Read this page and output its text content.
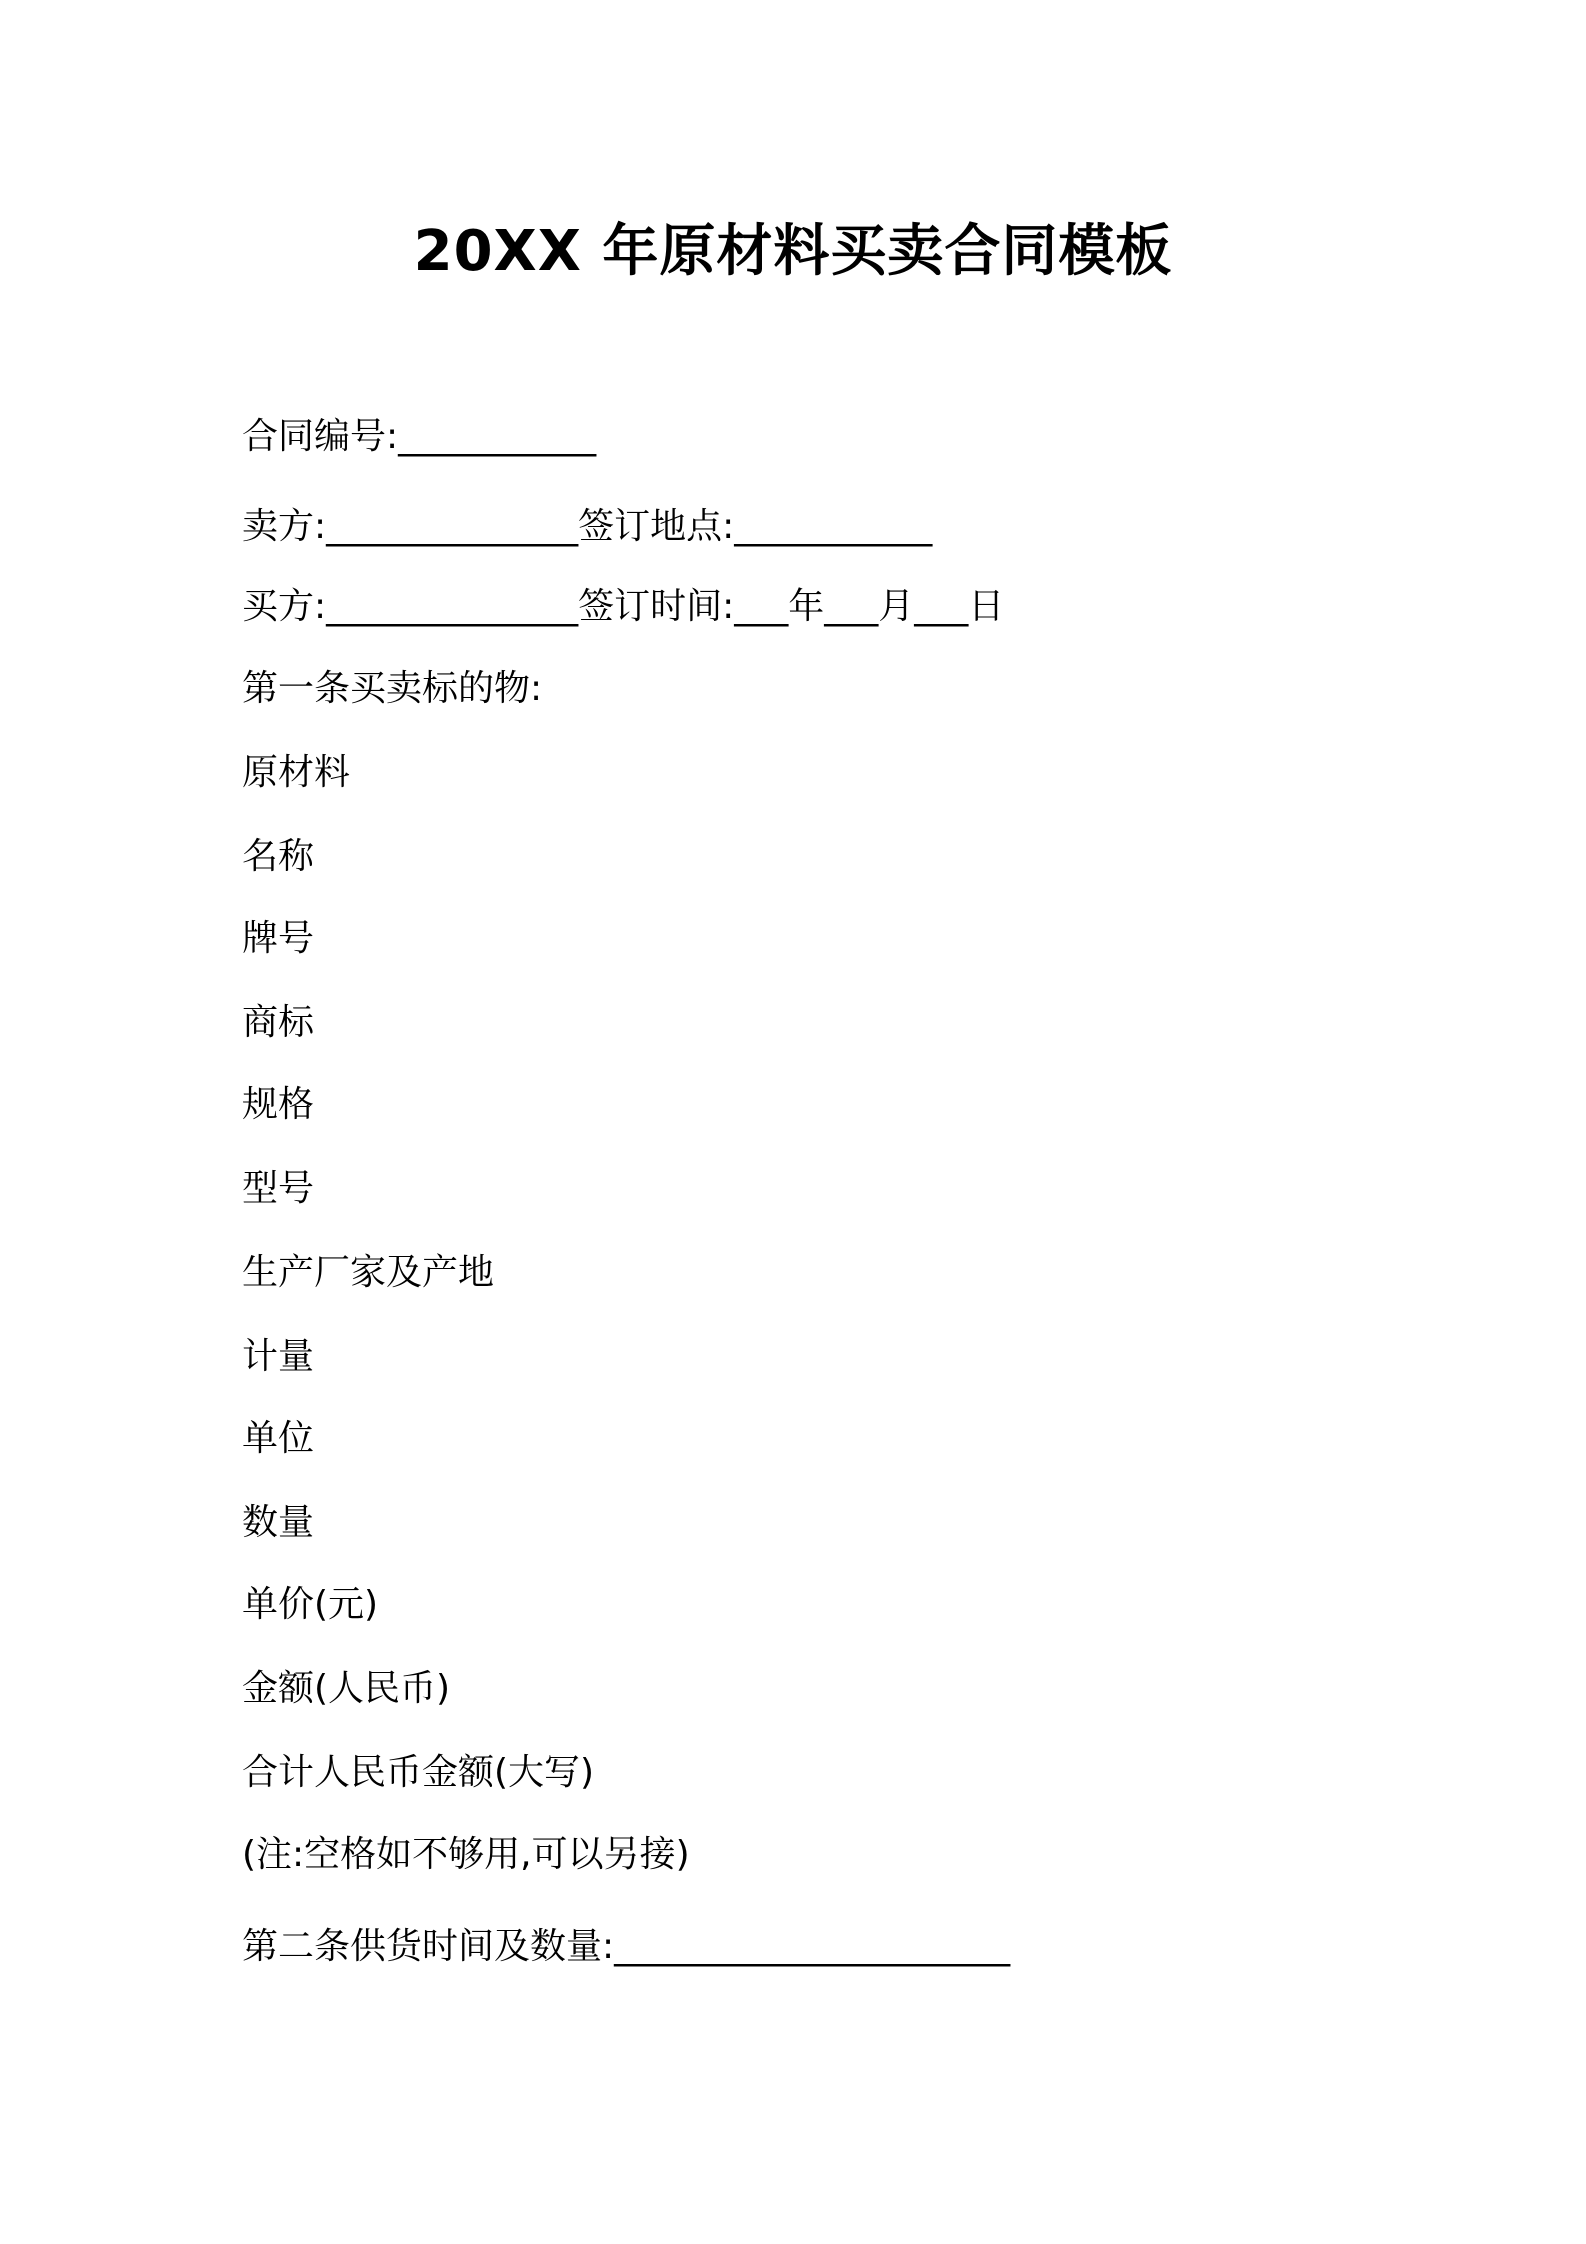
20XX 年原材料买卖合同模板
合同编号:___________
卖方:______________签订地点:___________
买方:______________签订时间:___年___月___日
第一条买卖标的物:
原材料
名称
牌号
商标
规格
型号
生产厂家及产地
计量
单位
数量
单价(元)
金额(人民币)
合计人民币金额(大写)
(注:空格如不够用,可以另接)
第二条供货时间及数量:______________________
